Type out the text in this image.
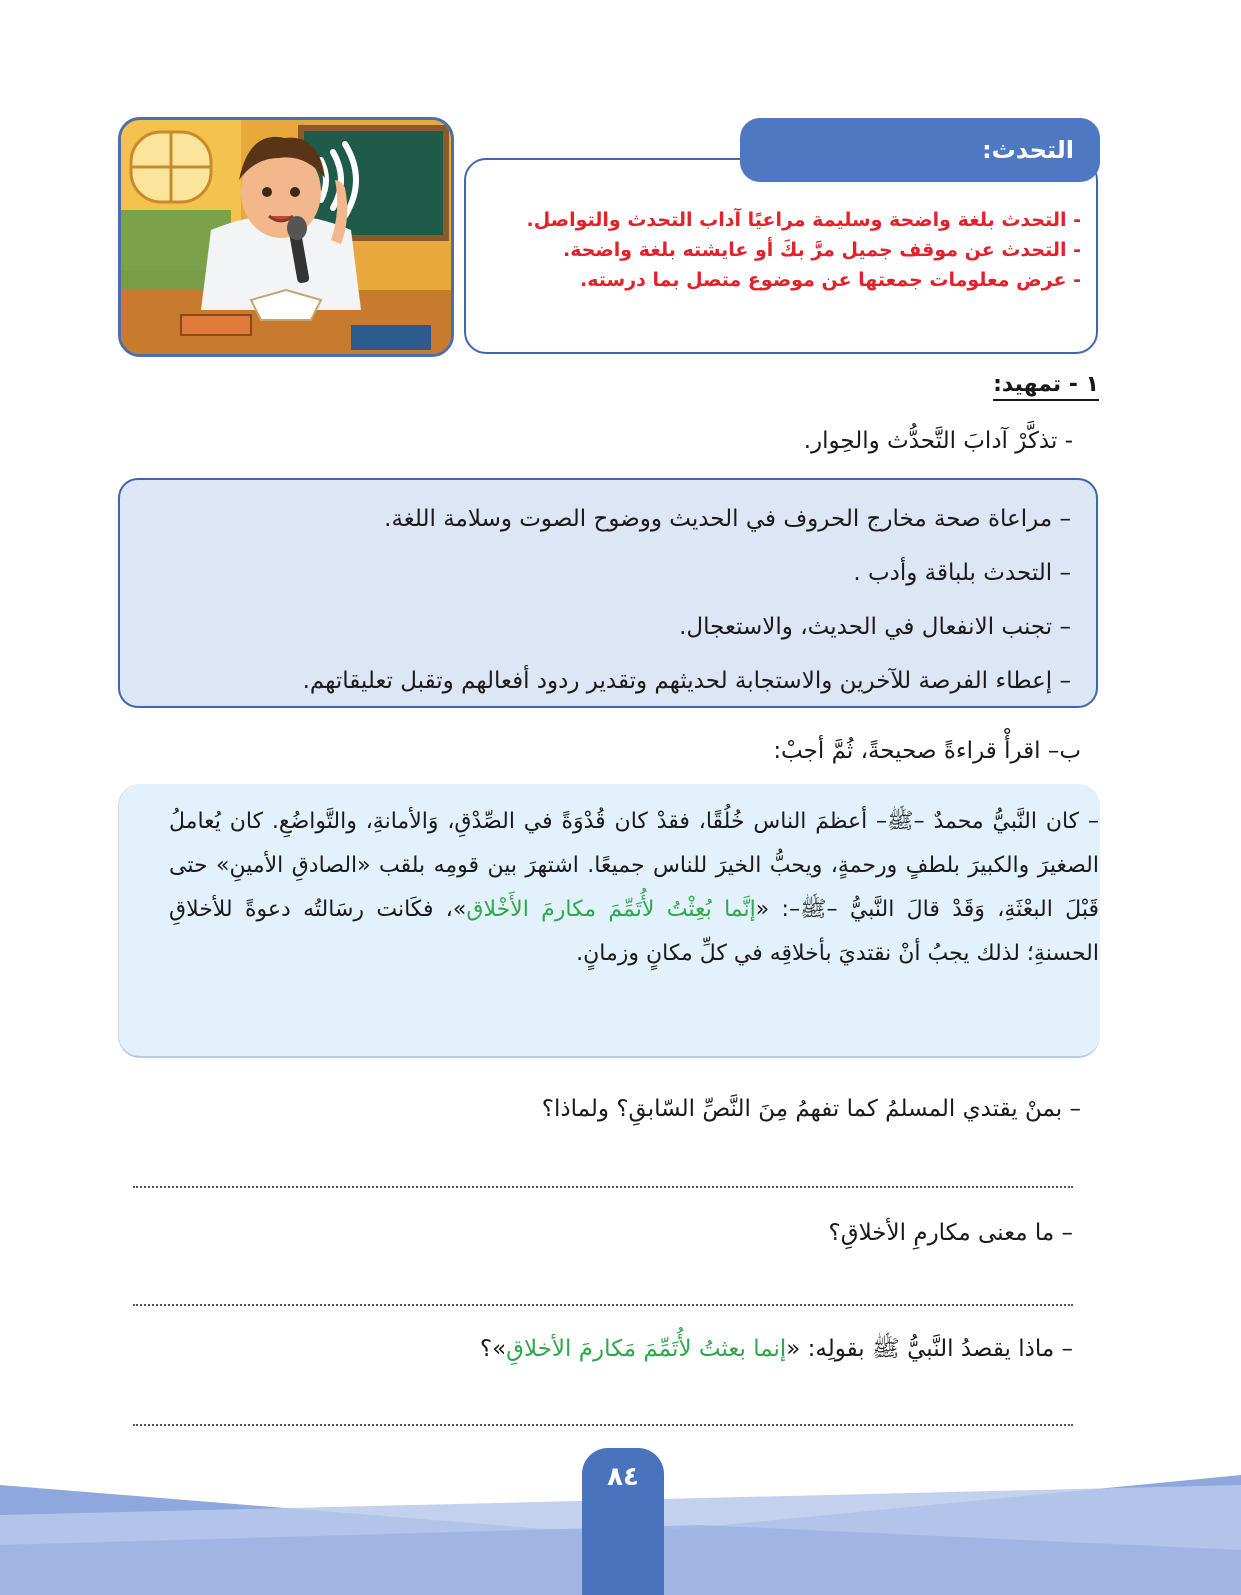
التحدث:
- التحدث بلغة واضحة وسليمة مراعيًا آداب التحدث والتواصل.
- التحدث عن موقف جميل مرَّ بكَ أو عايشته بلغة واضحة.
- عرض معلومات جمعتها عن موضوع متصل بما درسته.
١ - تمهيد:
- تذكَّرْ آدابَ التَّحدُّث والحِوار.
– مراعاة صحة مخارج الحروف في الحديث ووضوح الصوت وسلامة اللغة.
– التحدث بلباقة وأدب .
– تجنب الانفعال في الحديث، والاستعجال.
– إعطاء الفرصة للآخرين والاستجابة لحديثهم وتقدير ردود أفعالهم وتقبل تعليقاتهم.
ب– اقرأْ قراءةً صحيحةً، ثُمَّ أجبْ:

– كان النَّبيُّ محمدٌ –ﷺ– أعظمَ الناس خُلُقًا، فقدْ كان قُدْوَةً في الصِّدْقِ، وَالأمانةِ، والتَّواضُعِ. كان يُعاملُ الصغيرَ والكبيرَ بلطفٍ ورحمةٍ، ويحبُّ الخيرَ للناس جميعًا. اشتهرَ بين قومِه بلقب «الصادقِ الأمينِ» حتى قَبْلَ البعْثَةِ، وَقَدْ قالَ النَّبيُّ –ﷺ–: «إنَّما بُعِثْتُ لأُتَمِّمَ مكارمَ الأَخْلاق»، فكَانت رسَالتُه دعوةً للأخلاقِ الحسنةِ؛ لذلك يجبُ أنْ نقتديَ بأخلاقِه في كلِّ مكانٍ وزمانٍ.

– بمنْ يقتدي المسلمُ كما تفهمُ مِنَ النَّصِّ السّابقِ؟ ولماذا؟
– ما معنى مكارمِ الأخلاقِ؟
– ماذا يقصدُ النَّبيُّ ﷺ بقولِه: «إنما بعثتُ لأُتَمِّمَ مَكارمَ الأخلاقِ»؟
٨٤
